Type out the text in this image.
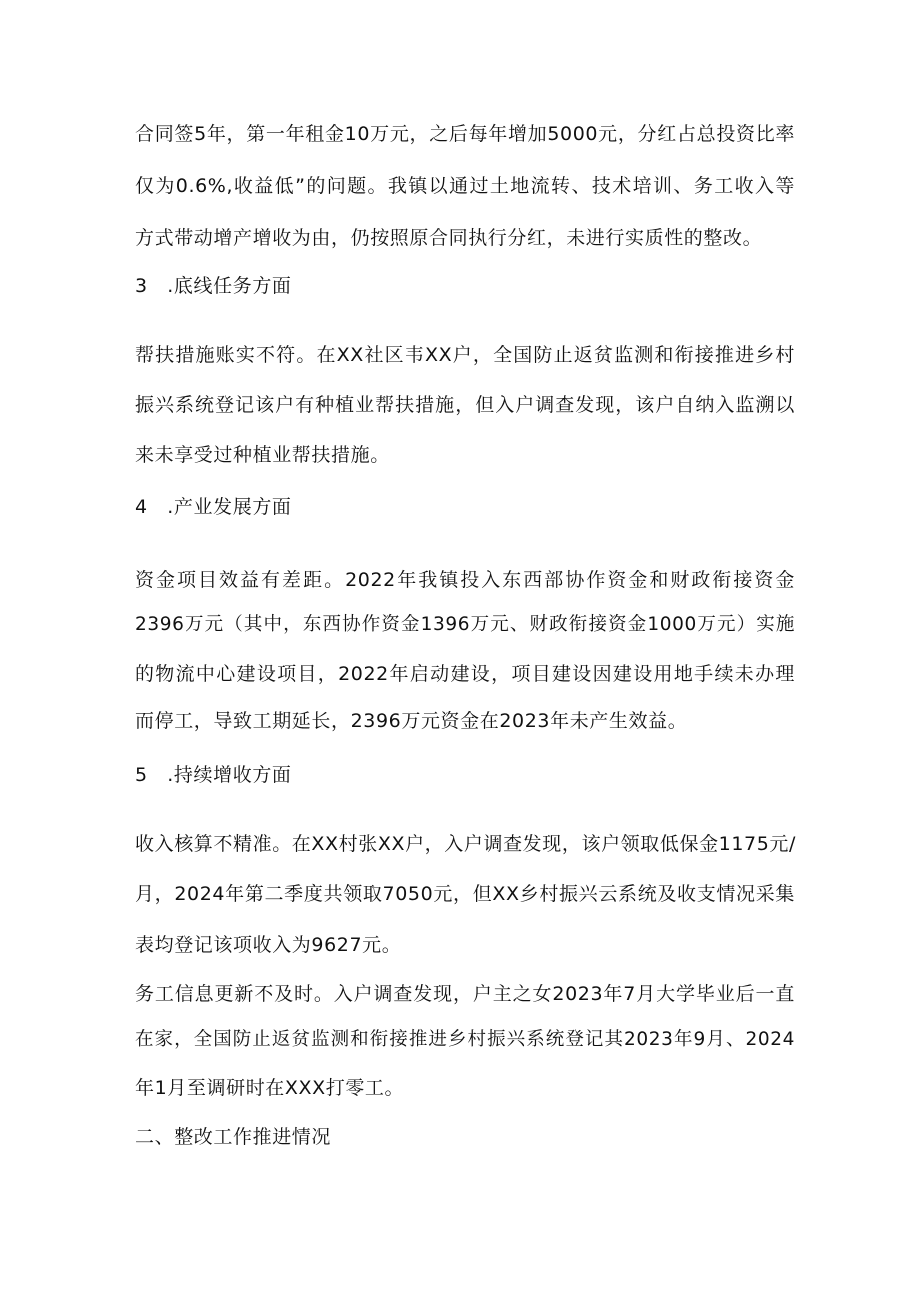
合同签5年，第一年租金10万元，之后每年增加5000元，分红占总投资比率
仅为0.6%,收益低”的问题。我镇以通过土地流转、技术培训、务工收入等
方式带动增产增收为由，仍按照原合同执行分红，未进行实质性的整改。
3　.底线任务方面
帮扶措施账实不符。在XX社区韦XX户，全国防止返贫监测和衔接推进乡村
振兴系统登记该户有种植业帮扶措施，但入户调查发现，该户自纳入监溯以
来未享受过种植业帮扶措施。
4　.产业发展方面
资金项目效益有差距。2022年我镇投入东西部协作资金和财政衔接资金
2396万元（其中，东西协作资金1396万元、财政衔接资金1000万元）实施
的物流中心建设项目，2022年启动建设，项目建设因建设用地手续未办理
而停工，导致工期延长，2396万元资金在2023年未产生效益。
5　.持续增收方面
收入核算不精准。在XX村张XX户，入户调查发现，该户领取低保金1175元/
月，2024年第二季度共领取7050元，但XX乡村振兴云系统及收支情况采集
表均登记该项收入为9627元。
务工信息更新不及时。入户调查发现，户主之女2023年7月大学毕业后一直
在家，全国防止返贫监测和衔接推进乡村振兴系统登记其2023年9月、2024
年1月至调研时在XXX打零工。
二、整改工作推进情况
